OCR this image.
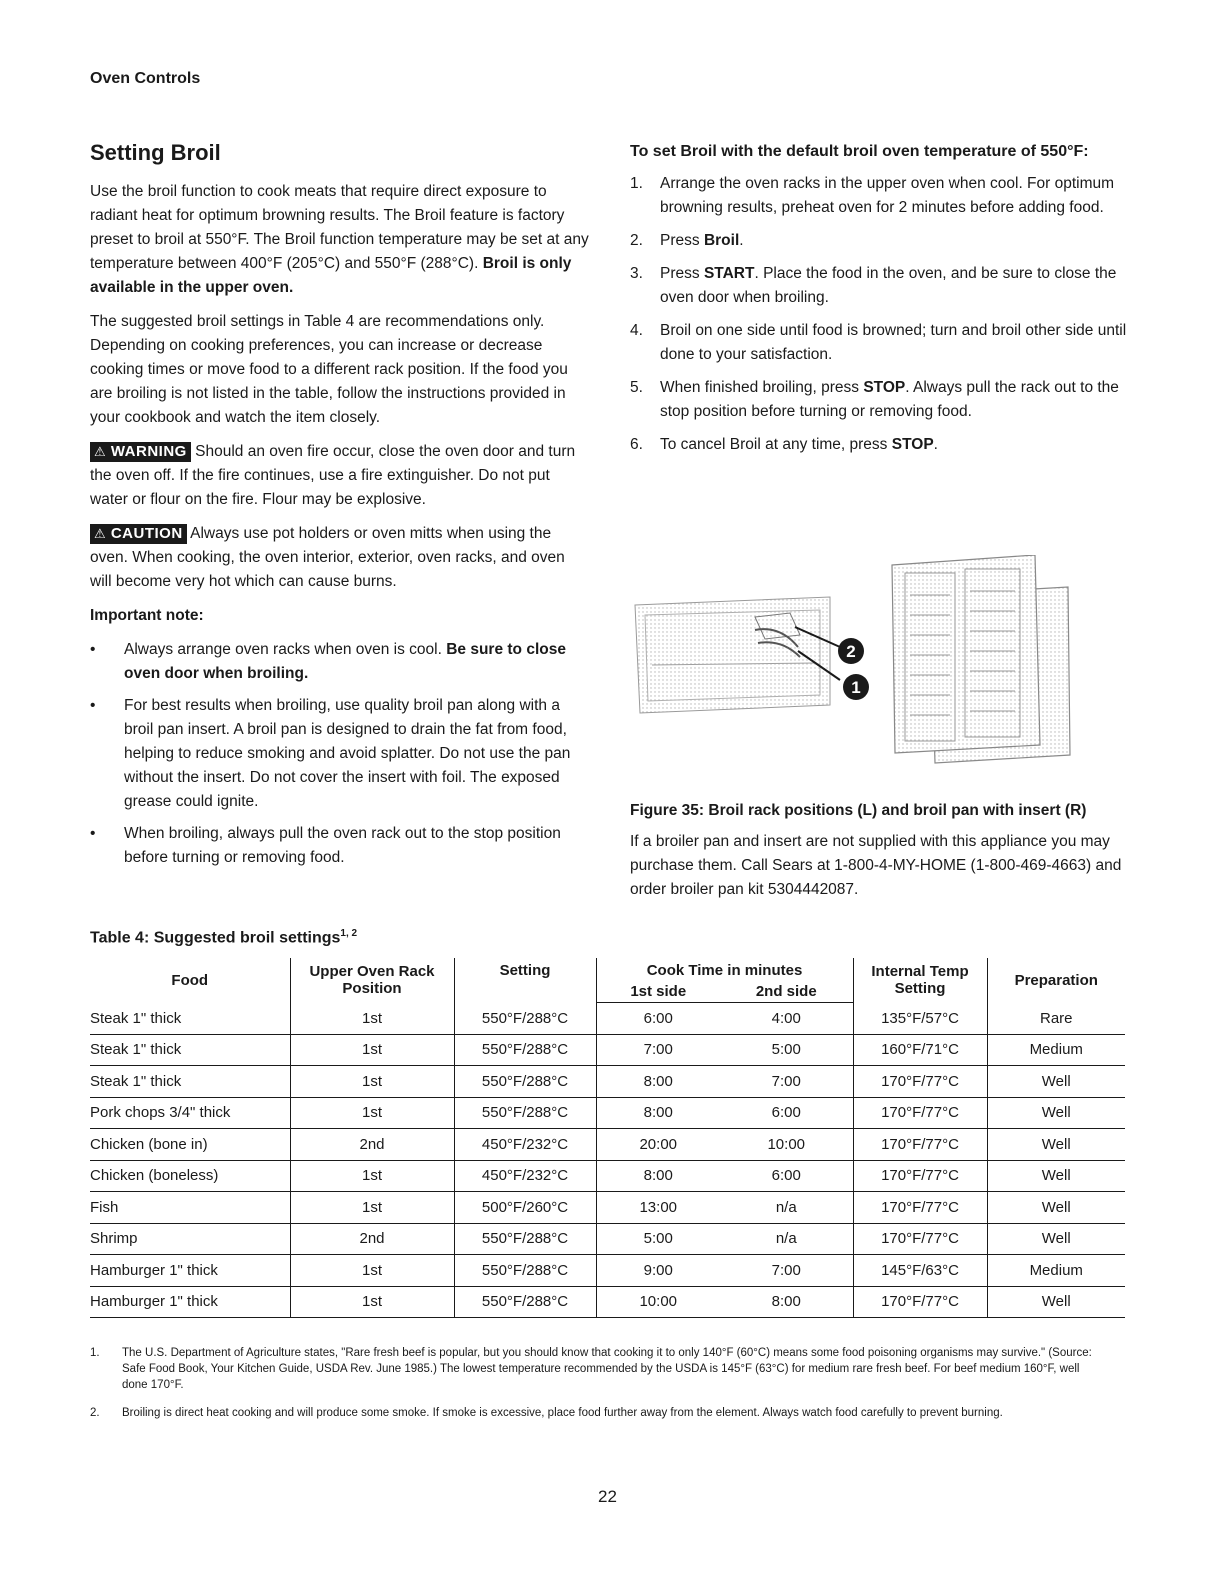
Oven Controls
Setting Broil

Use the broil function to cook meats that require direct exposure to radiant heat for optimum browning results. The Broil feature is factory preset to broil at 550°F. The Broil function temperature may be set at any temperature between 400°F (205°C) and 550°F (288°C). Broil is only available in the upper oven.

The suggested broil settings in Table 4 are recommendations only. Depending on cooking preferences, you can increase or decrease cooking times or move food to a different rack position. If the food you are broiling is not listed in the table, follow the instructions provided in your cookbook and watch the item closely.

⚠ WARNING Should an oven fire occur, close the oven door and turn the oven off. If the fire continues, use a fire extinguisher. Do not put water or flour on the fire. Flour may be explosive.

⚠ CAUTION Always use pot holders or oven mitts when using the oven. When cooking, the oven interior, exterior, oven racks, and oven will become very hot which can cause burns.

Important note:

• Always arrange oven racks when oven is cool. Be sure to close oven door when broiling.
• For best results when broiling, use quality broil pan along with a broil pan insert. A broil pan is designed to drain the fat from food, helping to reduce smoking and avoid splatter. Do not use the pan without the insert. Do not cover the insert with foil. The exposed grease could ignite.
• When broiling, always pull the oven rack out to the stop position before turning or removing food.
To set Broil with the default broil oven temperature of 550°F:
1. Arrange the oven racks in the upper oven when cool. For optimum browning results, preheat oven for 2 minutes before adding food.
2. Press Broil.
3. Press START. Place the food in the oven, and be sure to close the oven door when broiling.
4. Broil on one side until food is browned; turn and broil other side until done to your satisfaction.
5. When finished broiling, press STOP. Always pull the rack out to the stop position before turning or removing food.
6. To cancel Broil at any time, press STOP.
2
1
Figure 35: Broil rack positions (L) and broil pan with insert (R)
If a broiler pan and insert are not supplied with this appliance you may purchase them. Call Sears at 1-800-4-MY-HOME (1-800-469-4663) and order broiler pan kit 5304442087.
Table 4: Suggested broil settings$^{1, 2}$
Food	Upper Oven Rack Position	Setting	Cook Time in minutes		Internal Temp Setting	Preparation
			1st side	2nd side		
Steak 1" thick	1st	550°F/288°C	6:00	4:00	135°F/57°C	Rare
Steak 1" thick	1st	550°F/288°C	7:00	5:00	160°F/71°C	Medium
Steak 1" thick	1st	550°F/288°C	8:00	7:00	170°F/77°C	Well
Pork chops 3/4" thick	1st	550°F/288°C	8:00	6:00	170°F/77°C	Well
Chicken (bone in)	2nd	450°F/232°C	20:00	10:00	170°F/77°C	Well
Chicken (boneless)	1st	450°F/232°C	8:00	6:00	170°F/77°C	Well
Fish	1st	500°F/260°C	13:00	n/a	170°F/77°C	Well
Shrimp	2nd	550°F/288°C	5:00	n/a	170°F/77°C	Well
Hamburger 1" thick	1st	550°F/288°C	9:00	7:00	145°F/63°C	Medium
Hamburger 1" thick	1st	550°F/288°C	10:00	8:00	170°F/77°C	Well
1. The U.S. Department of Agriculture states, "Rare fresh beef is popular, but you should know that cooking it to only 140°F (60°C) means some food poisoning organisms may survive." (Source: Safe Food Book, Your Kitchen Guide, USDA Rev. June 1985.) The lowest temperature recommended by the USDA is 145°F (63°C) for medium rare fresh beef. For beef medium 160°F, well done 170°F.
2. Broiling is direct heat cooking and will produce some smoke. If smoke is excessive, place food further away from the element. Always watch food carefully to prevent burning.
22
